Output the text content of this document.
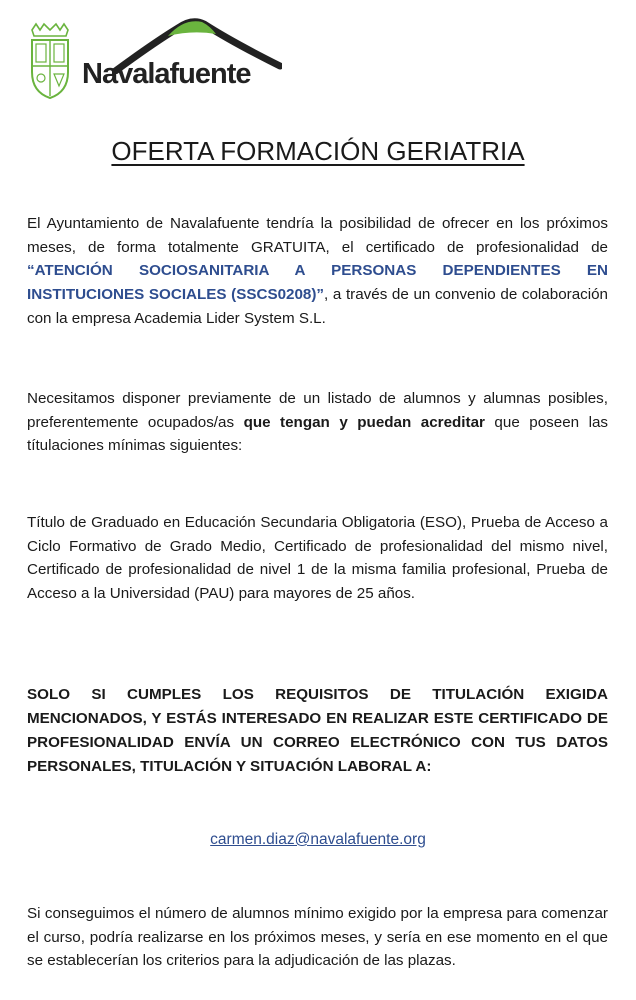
Navalafuente
OFERTA FORMACIÓN GERIATRIA

El Ayuntamiento de Navalafuente tendría la posibilidad de ofrecer en los próximos meses, de forma totalmente GRATUITA, el certificado de profesionalidad de “ATENCIÓN SOCIOSANITARIA A PERSONAS DEPENDIENTES EN INSTITUCIONES SOCIALES (SSCS0208)”, a través de un convenio de colaboración con la empresa Academia Lider System S.L.

Necesitamos disponer previamente de un listado de alumnos y alumnas posibles, preferentemente ocupados/as que tengan y puedan acreditar que poseen las títulaciones mínimas siguientes:

Título de Graduado en Educación Secundaria Obligatoria (ESO), Prueba de Acceso a Ciclo Formativo de Grado Medio, Certificado de profesionalidad del mismo nivel, Certificado de profesionalidad de nivel 1 de la misma familia profesional, Prueba de Acceso a la Universidad (PAU) para mayores de 25 años.

SOLO SI CUMPLES LOS REQUISITOS DE TITULACIÓN EXIGIDA MENCIONADOS, Y ESTÁS INTERESADO EN REALIZAR ESTE CERTIFICADO DE PROFESIONALIDAD ENVÍA UN CORREO ELECTRÓNICO CON TUS DATOS PERSONALES, TITULACIÓN Y SITUACIÓN LABORAL A:

carmen.diaz@navalafuente.org

Si conseguimos el número de alumnos mínimo exigido por la empresa para comenzar el curso, podría realizarse en los próximos meses, y sería en ese momento en el que se establecerían los criterios para la adjudicación de las plazas.
